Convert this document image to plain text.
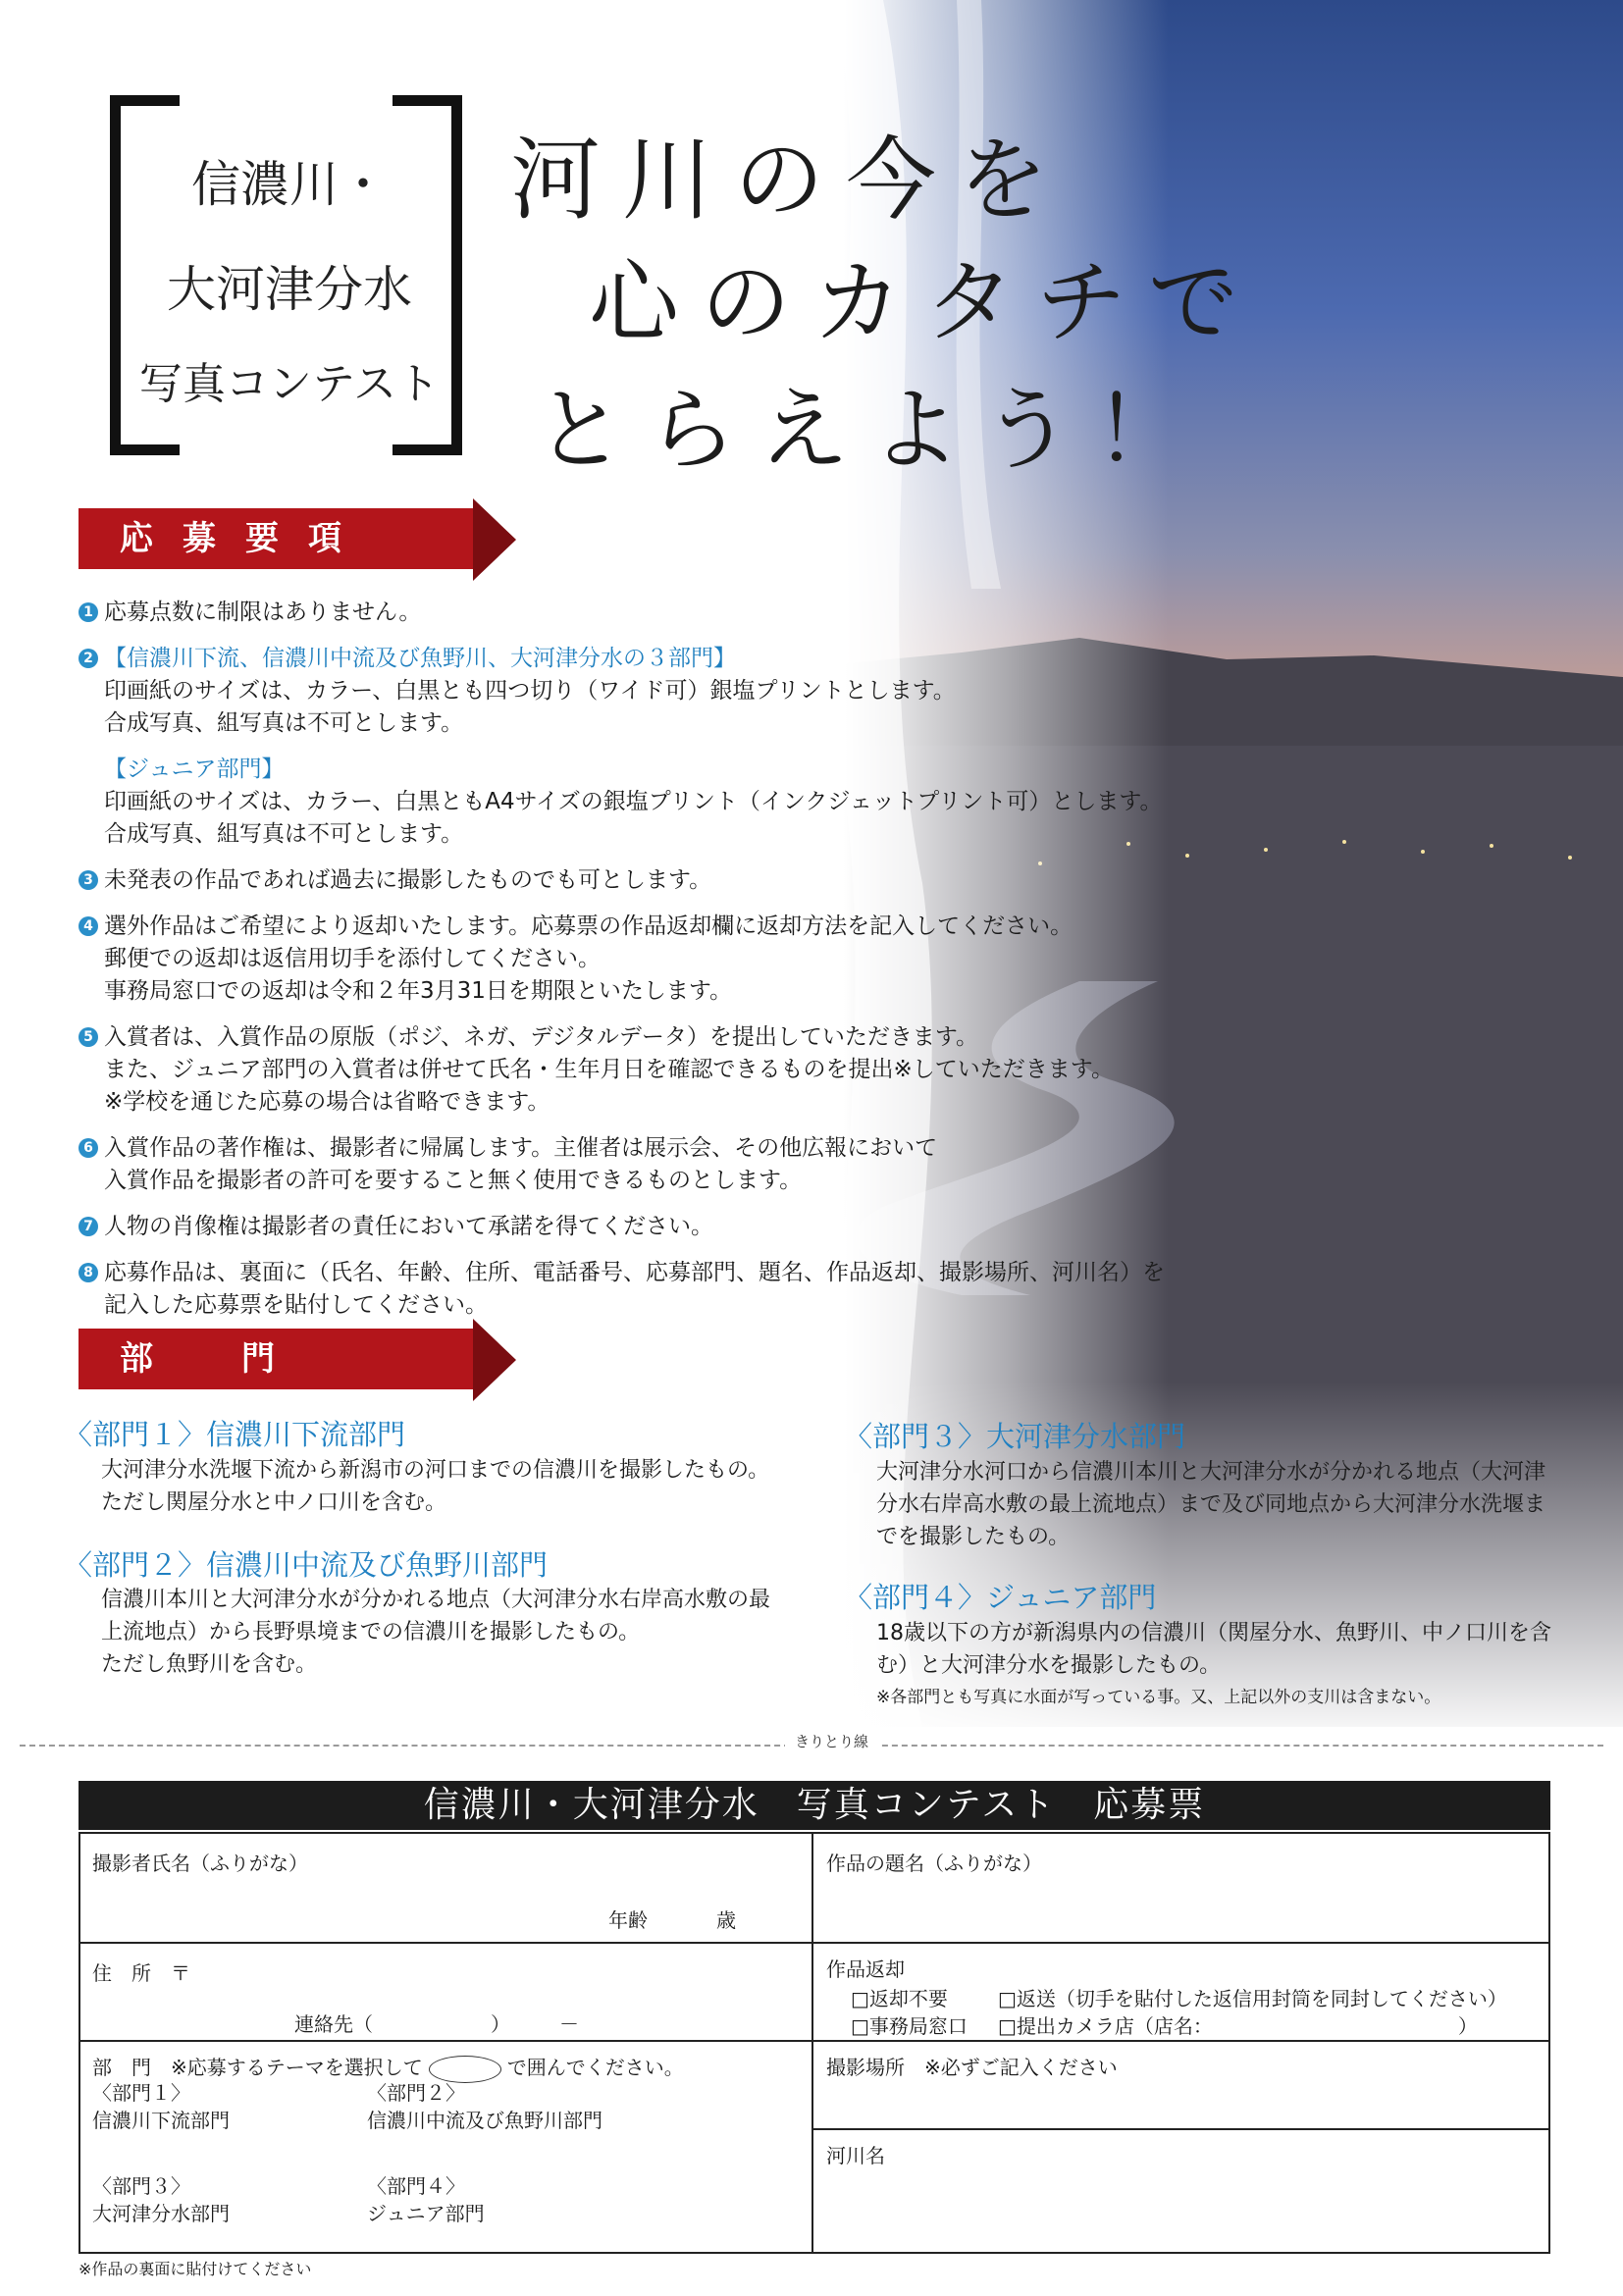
信濃川・
大河津分水
写真コンテスト
河川の今を
心のカタチで
とらえよう！
応募要項
1 応募点数に制限はありません。
2 【信濃川下流、信濃川中流及び魚野川、大河津分水の３部門】
印画紙のサイズは、カラー、白黒とも四つ切り（ワイド可）銀塩プリントとします。
合成写真、組写真は不可とします。
【ジュニア部門】
印画紙のサイズは、カラー、白黒ともA4サイズの銀塩プリント（インクジェットプリント可）とします。
合成写真、組写真は不可とします。
3 未発表の作品であれば過去に撮影したものでも可とします。
4 選外作品はご希望により返却いたします。応募票の作品返却欄に返却方法を記入してください。
郵便での返却は返信用切手を添付してください。
事務局窓口での返却は令和２年3月31日を期限といたします。
5 入賞者は、入賞作品の原版（ポジ、ネガ、デジタルデータ）を提出していただきます。
また、ジュニア部門の入賞者は併せて氏名・生年月日を確認できるものを提出※していただきます。
※学校を通じた応募の場合は省略できます。
6 入賞作品の著作権は、撮影者に帰属します。主催者は展示会、その他広報において
入賞作品を撮影者の許可を要すること無く使用できるものとします。
7 人物の肖像権は撮影者の責任において承諾を得てください。
8 応募作品は、裏面に（氏名、年齢、住所、電話番号、応募部門、題名、作品返却、撮影場所、河川名）を
記入した応募票を貼付してください。
部門
〈部門１〉信濃川下流部門
大河津分水洗堰下流から新潟市の河口までの信濃川を撮影したもの。
ただし関屋分水と中ノ口川を含む。
〈部門２〉信濃川中流及び魚野川部門
信濃川本川と大河津分水が分かれる地点（大河津分水右岸高水敷の最
上流地点）から長野県境までの信濃川を撮影したもの。
ただし魚野川を含む。
〈部門３〉大河津分水部門
大河津分水河口から信濃川本川と大河津分水が分かれる地点（大河津
分水右岸高水敷の最上流地点）まで及び同地点から大河津分水洗堰ま
でを撮影したもの。
〈部門４〉ジュニア部門
18歳以下の方が新潟県内の信濃川（関屋分水、魚野川、中ノ口川を含
む）と大河津分水を撮影したもの。
※各部門とも写真に水面が写っている事。又、上記以外の支川は含まない。
きりとり線
信濃川・大河津分水　写真コンテスト　応募票
撮影者氏名（ふりがな）
年齢	歳
住　所　〒
連絡先（　　　　　　）　　　－
部　門　※応募するテーマを選択して ○ で囲んでください。
〈部門１〉
信濃川下流部門
〈部門２〉
信濃川中流及び魚野川部門
〈部門３〉
大河津分水部門
〈部門４〉
ジュニア部門
作品の題名（ふりがな）
作品返却
□返却不要	□返送（切手を貼付した返信用封筒を同封してください）
□事務局窓口 □提出カメラ店（店名：　　　　　　　　　　　　　）
撮影場所　※必ずご記入ください
河川名
※作品の裏面に貼付けてください
